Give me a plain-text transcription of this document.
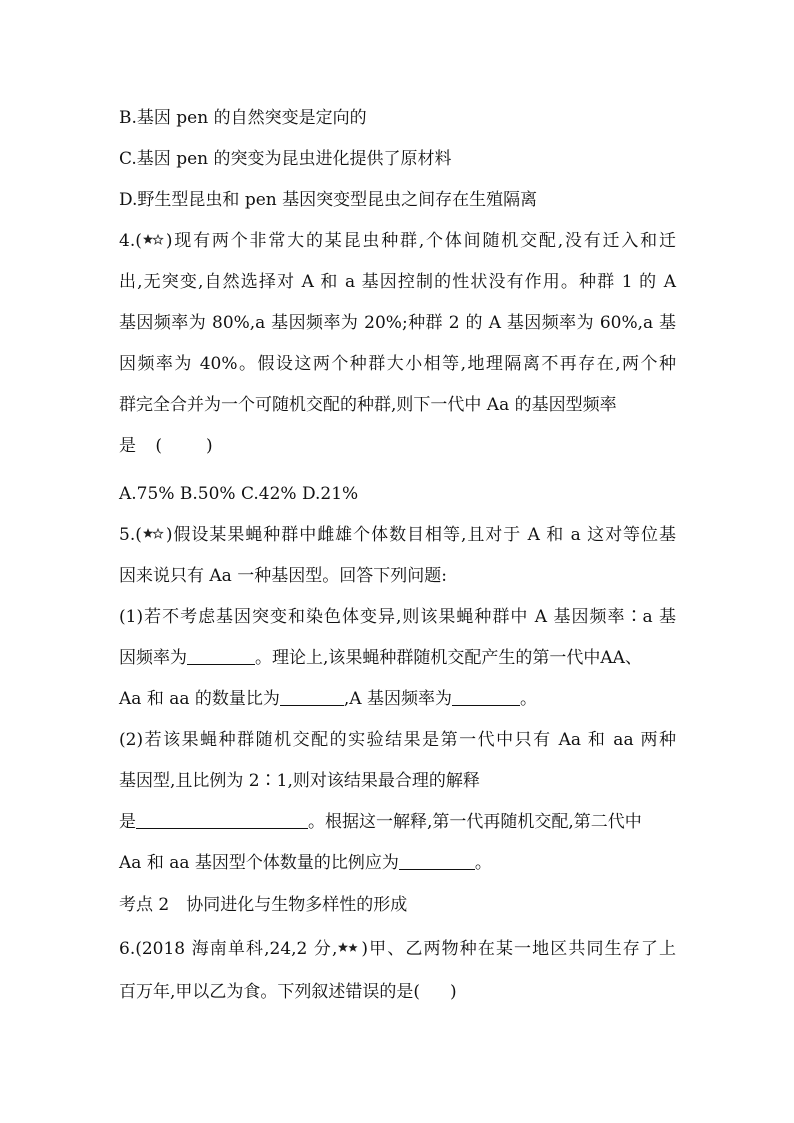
B.基因 pen 的自然突变是定向的
C.基因 pen 的突变为昆虫进化提供了原材料
D.野生型昆虫和 pen 基因突变型昆虫之间存在生殖隔离
4.( )现有两个非常大的某昆虫种群,个体间随机交配,没有迁入和迁
出,无突变,自然选择对 A 和 a 基因控制的性状没有作用。种群 1 的 A
基因频率为 80%,a 基因频率为 20%;种群 2 的 A 基因频率为 60%,a 基
因频率为 40%。假设这两个种群大小相等,地理隔离不再存在,两个种
群完全合并为一个可随机交配的种群,则下一代中 Aa 的基因型频率
是 (	)
A.75% B.50% C.42% D.21%
5.( )假设某果蝇种群中雌雄个体数目相等,且对于 A 和 a 这对等位基
因来说只有 Aa 一种基因型。回答下列问题:
(1)若不考虑基因突变和染色体变异,则该果蝇种群中 A 基因频率∶a 基
因频率为	。理论上,该果蝇种群随机交配产生的第一代中AA、
Aa 和 aa 的数量比为	,A 基因频率为	。
(2)若该果蝇种群随机交配的实验结果是第一代中只有 Aa 和 aa 两种
基因型,且比例为 2∶1,则对该结果最合理的解释
是	。根据这一解释,第一代再随机交配,第二代中
Aa 和 aa 基因型个体数量的比例应为	。
考点 2　协同进化与生物多样性的形成
6.(2018 海南单科,24,2 分, )甲、乙两物种在某一地区共同生存了上
百万年,甲以乙为食。下列叙述错误的是( )
